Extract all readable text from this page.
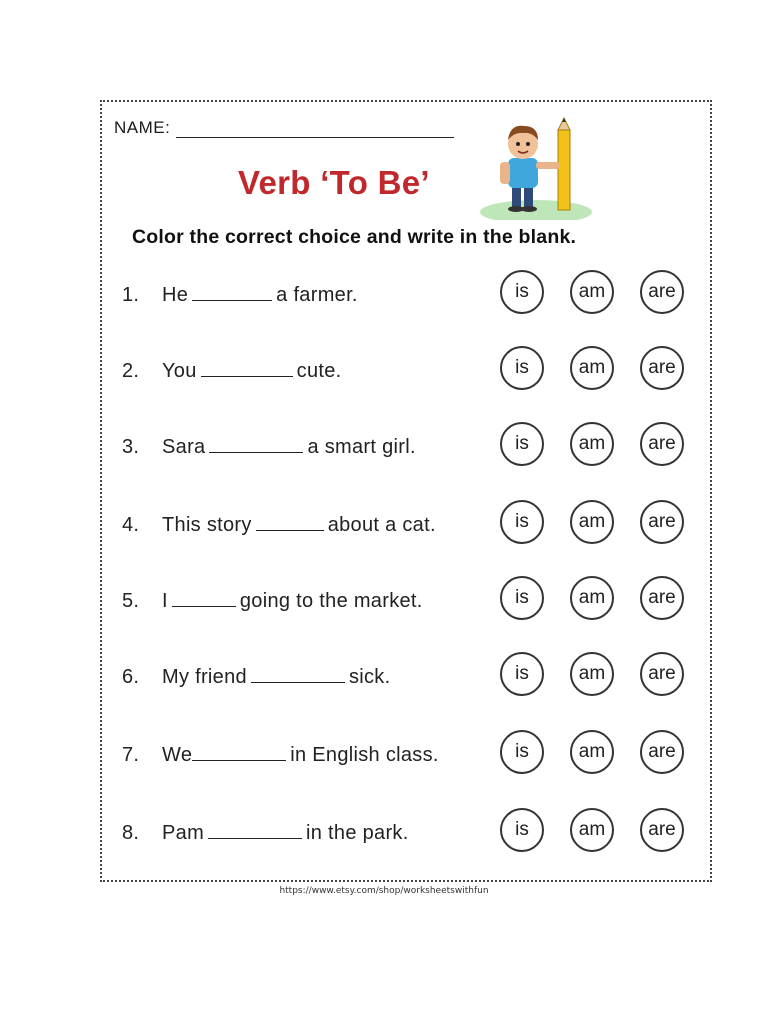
NAME:
Verb ‘To Be’
Color the correct choice and write in the blank.
1. He	a farmer.	is	am	are
2. You	cute.	is	am	are
3. Sara	a smart girl.	is	am	are
4. This story	about a cat.	is	am	are
5. I	going to the market.	is	am	are
6. My friend	sick.	is	am	are
7. We	in English class.	is	am	are
8. Pam	in the park.	is	am	are
https://www.etsy.com/shop/worksheetswithfun
